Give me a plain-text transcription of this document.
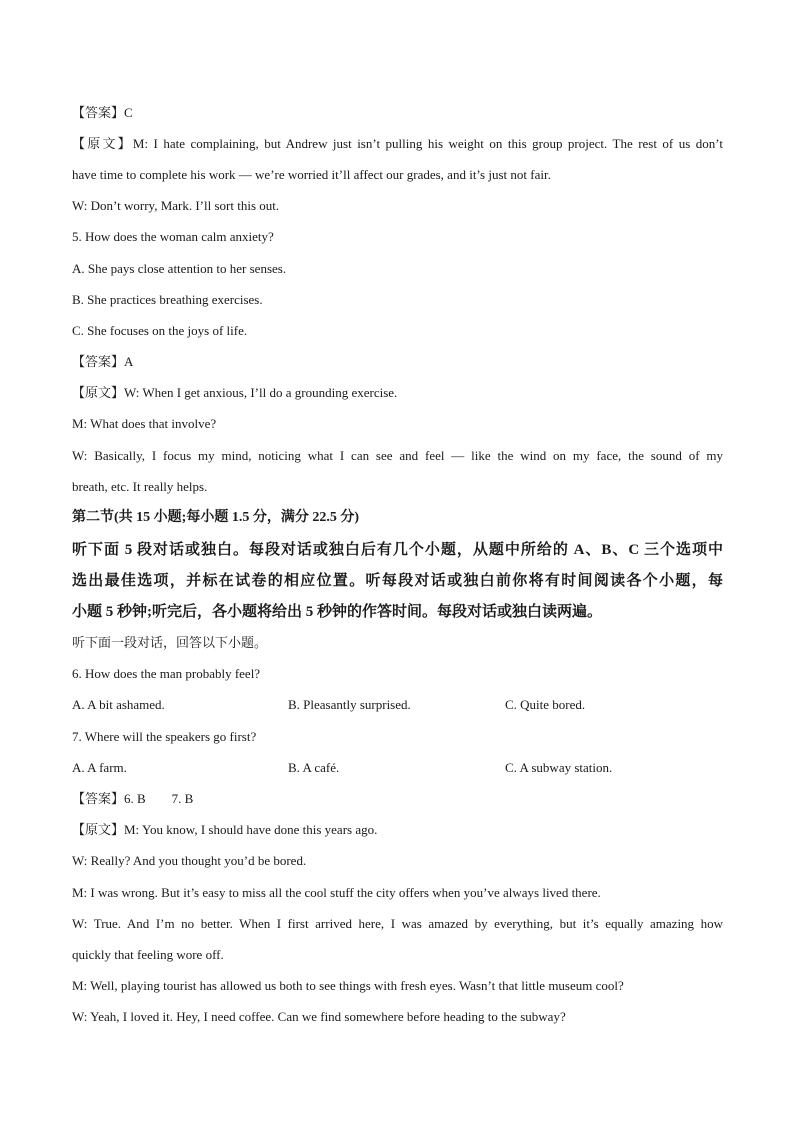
【答案】C
【原文】M: I hate complaining, but Andrew just isn’t pulling his weight on this group project. The rest of us don’t
have time to complete his work — we’re worried it’ll affect our grades, and it’s just not fair.
W: Don’t worry, Mark. I’ll sort this out.
5. How does the woman calm anxiety?
A. She pays close attention to her senses.
B. She practices breathing exercises.
C. She focuses on the joys of life.
【答案】A
【原文】W: When I get anxious, I’ll do a grounding exercise.
M: What does that involve?
W: Basically, I focus my mind, noticing what I can see and feel — like the wind on my face, the sound of my
breath, etc. It really helps.
第二节(共 15 小题;每小题 1.5 分，满分 22.5 分)
听下面 5 段对话或独白。每段对话或独白后有几个小题，从题中所给的 A、B、C 三个选项中
选出最佳选项，并标在试卷的相应位置。听每段对话或独白前你将有时间阅读各个小题，每
小题 5 秒钟;听完后，各小题将给出 5 秒钟的作答时间。每段对话或独白读两遍。
听下面一段对话，回答以下小题。
6. How does the man probably feel?
A. A bit ashamed.	B. Pleasantly surprised.	C. Quite bored.
7. Where will the speakers go first?
A. A farm.	B. A café.	C. A subway station.
【答案】6. B        7. B
【原文】M: You know, I should have done this years ago.
W: Really? And you thought you’d be bored.
M: I was wrong. But it’s easy to miss all the cool stuff the city offers when you’ve always lived there.
W: True. And I’m no better. When I first arrived here, I was amazed by everything, but it’s equally amazing how
quickly that feeling wore off.
M: Well, playing tourist has allowed us both to see things with fresh eyes. Wasn’t that little museum cool?
W: Yeah, I loved it. Hey, I need coffee. Can we find somewhere before heading to the subway?
